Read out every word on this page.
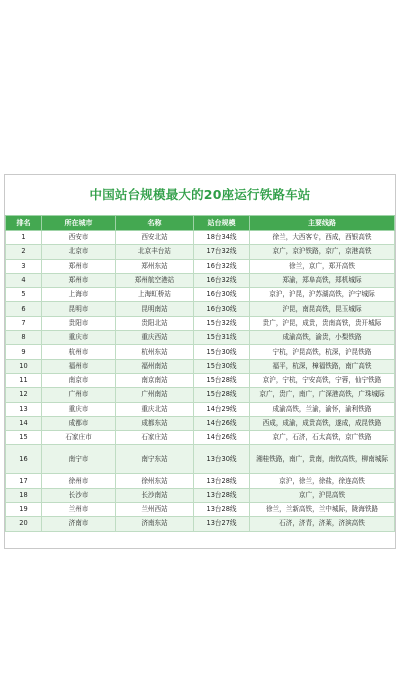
中国站台规模最大的20座运行铁路车站
排名	所在城市	名称	站台规模	主要线路
1	西安市	西安北站	18台34线	徐兰，大西客专，西成，西银高铁
2	北京市	北京丰台站	17台32线	京广，京沪铁路，京广，京港高铁
3	郑州市	郑州东站	16台32线	徐兰，京广，郑开高铁
4	郑州市	郑州航空港站	16台32线	郑渝，郑阜高铁，郑机城际
5	上海市	上海虹桥站	16台30线	京沪，沪昆，沪苏湖高铁，沪宁城际
6	昆明市	昆明南站	16台30线	沪昆，南昆高铁，昆玉城际
7	贵阳市	贵阳北站	15台32线	贵广，沪昆，成贵，贵南高铁，贵开城际
8	重庆市	重庆西站	15台31线	成渝高铁，渝贵，小梨铁路
9	杭州市	杭州东站	15台30线	宁杭，沪昆高铁，杭深，沪昆铁路
10	福州市	福州南站	15台30线	福平，杭深，樟福铁路，南广高铁
11	南京市	南京南站	15台28线	京沪，宁杭，宁安高铁，宁蓉，仙宁铁路
12	广州市	广州南站	15台28线	京广，贵广，南广，广深港高铁，广珠城际
13	重庆市	重庆北站	14台29线	成渝高铁，兰渝，渝怀，渝利铁路
14	成都市	成都东站	14台26线	西成，成渝，成贵高铁，遂成，成昆铁路
15	石家庄市	石家庄站	14台26线	京广，石济，石太高铁，京广铁路
16	南宁市	南宁东站	13台30线	湘桂铁路，南广，贵南，南钦高铁，柳南城际
17	徐州市	徐州东站	13台28线	京沪，徐兰，徐盐，徐连高铁
18	长沙市	长沙南站	13台28线	京广，沪昆高铁
19	兰州市	兰州西站	13台28线	徐兰，兰新高铁，兰中城际，陇海铁路
20	济南市	济南东站	13台27线	石济，济青，济莱，济滨高铁
